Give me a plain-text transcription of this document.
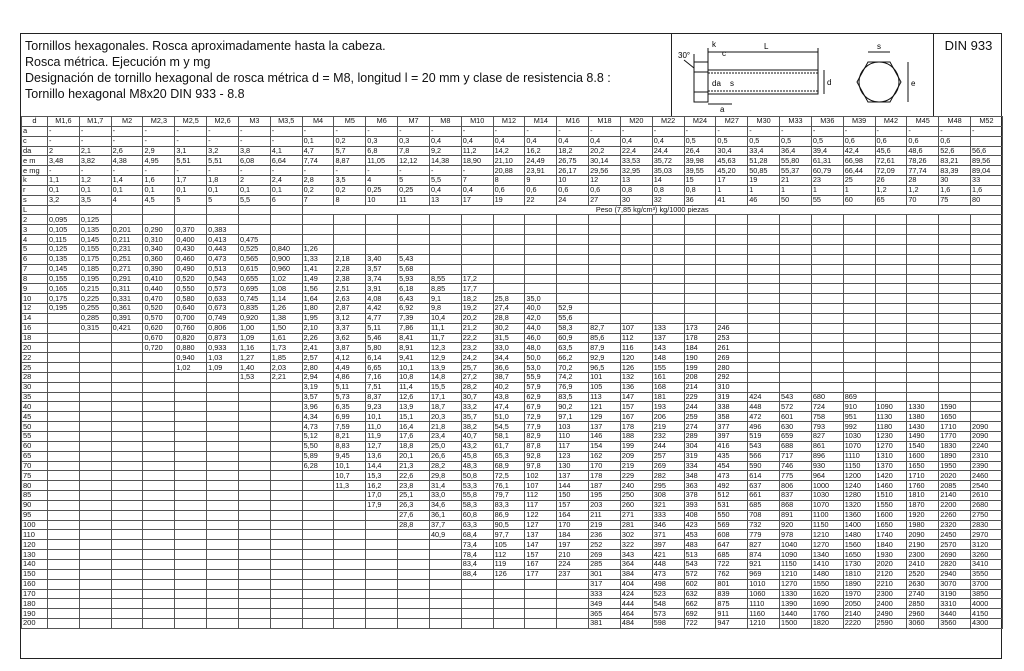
Tornillos hexagonales. Rosca aproximadamente hasta la cabeza.
Rosca métrica. Ejecución m y mg
Designación de tornillo hexagonal de rosca métrica d = M8, longitud l = 20 mm y clase de resistencia 8.8 :
Tornillo hexagonal M8x20 DIN 933 - 8.8
k
c
30°
L
s
da	d
a
s
e
DIN 933
d	M1,6	M1,7	M2	M2,3	M2,5	M2,6	M3	M3,5	M4	M5	M6	M7	M8	M10	M12	M14	M16	M18	M20	M22	M24	M27	M30	M33	M36	M39	M42	M45	M48	M52
a	-	-	-	-	-	-	-	-	-	-	-	-	-	-	-	-	-	-	-	-	-	-	-	-	-	-	-	-	-	-
c	-	-	-	-	-	-	-	-	0,1	0,2	0,3	0,3	0,4	0,4	0,4	0,4	0,4	0,4	0,4	0,4	0,5	0,5	0,5	0,5	0,5	0,6	0,6	0,6	0,6	
da	2	2,1	2,6	2,9	3,1	3,2	3,8	4,1	4,7	5,7	6,8	7,8	9,2	11,2	14,2	16,2	18,2	20,2	22,4	24,4	26,4	30,4	33,4	36,4	39,4	42,4	45,6	48,6	52,6	56,6
e m	3,48	3,82	4,38	4,95	5,51	5,51	6,08	6,64	7,74	8,87	11,05	12,12	14,38	18,90	21,10	24,49	26,75	30,14	33,53	35,72	39,98	45,63	51,28	55,80	61,31	66,98	72,61	78,26	83,21	89,56
e mg	-	-	-	-	-	-	-	-	-	-	-	-	-	-	20,88	23,91	26,17	29,56	32,95	35,03	39,55	45,20	50,85	55,37	60,79	66,44	72,09	77,74	83,39	89,04
k	1,1	1,2	1,4	1,6	1,7	1,8	2	2,4	2,8	3,5	4	5	5,5	7	8	9	10	12	13	14	15	17	19	21	23	25	26	28	30	33
r	0,1	0,1	0,1	0,1	0,1	0,1	0,1	0,1	0,2	0,2	0,25	0,25	0,4	0,4	0,6	0,6	0,6	0,6	0,8	0,8	0,8	1	1	1	1	1	1,2	1,2	1,6	1,6
s	3,2	3,5	4	4,5	5	5	5,5	6	7	8	10	11	13	17	19	22	24	27	30	32	36	41	46	50	55	60	65	70	75	80
L									Peso (7,85 kg/cm³) kg/1000 piezas																					
2	0,095	0,125																												
3	0,105	0,135	0,201	0,290	0,370	0,383																								
4	0,115	0,145	0,211	0,310	0,400	0,413	0,475																							
5	0,125	0,155	0,231	0,340	0,430	0,443	0,525	0,840	1,26																					
6	0,135	0,175	0,251	0,360	0,460	0,473	0,565	0,900	1,33	2,18	3,40	5,43																		
7	0,145	0,185	0,271	0,390	0,490	0,513	0,615	0,960	1,41	2,28	3,57	5,68																		
8	0,155	0,195	0,291	0,410	0,520	0,543	0,655	1,02	1,49	2,38	3,74	5,93	8,55	17,2																
9	0,165	0,215	0,311	0,440	0,550	0,573	0,695	1,08	1,56	2,51	3,91	6,18	8,85	17,7																
10	0,175	0,225	0,331	0,470	0,580	0,633	0,745	1,14	1,64	2,63	4,08	6,43	9,1	18,2	25,8	35,0														
12	0,195	0,255	0,361	0,520	0,640	0,673	0,835	1,26	1,80	2,87	4,42	6,92	9,8	19,2	27,4	40,0	52,9													
14		0,285	0,391	0,570	0,700	0,749	0,920	1,38	1,95	3,12	4,77	7,39	10,4	20,2	28,8	42,0	55,6													
16		0,315	0,421	0,620	0,760	0,806	1,00	1,50	2,10	3,37	5,11	7,86	11,1	21,2	30,2	44,0	58,3	82,7	107	133	173	246								
18				0,670	0,820	0,873	1,09	1,61	2,26	3,62	5,46	8,41	11,7	22,2	31,5	46,0	60,9	85,6	112	137	178	253								
20				0,720	0,880	0,933	1,16	1,73	2,41	3,87	5,80	8,91	12,3	23,2	33,0	48,0	63,5	87,9	116	143	184	261								
22					0,940	1,03	1,27	1,85	2,57	4,12	6,14	9,41	12,9	24,2	34,4	50,0	66,2	92,9	120	148	190	269								
25					1,02	1,09	1,40	2,03	2,80	4,49	6,65	10,1	13,9	25,7	36,6	53,0	70,2	96,5	126	155	199	280								
28							1,53	2,21	2,94	4,86	7,16	10,8	14,8	27,2	38,7	55,9	74,2	101	132	161	208	292								
30									3,19	5,11	7,51	11,4	15,5	28,2	40,2	57,9	76,9	105	136	168	214	310								
35									3,57	5,73	8,37	12,6	17,1	30,7	43,8	62,9	83,5	113	147	181	229	319	424	543	680	869				
40									3,96	6,35	9,23	13,9	18,7	33,2	47,4	67,9	90,2	121	157	193	244	338	448	572	724	910	1090	1330	1590	
45									4,34	6,99	10,1	15,1	20,3	35,7	51,0	72,9	97,1	129	167	206	259	358	472	601	758	951	1130	1380	1650	
50									4,73	7,59	11,0	16,4	21,8	38,2	54,5	77,9	103	137	178	219	274	377	496	630	793	992	1180	1430	1710	2090
55									5,12	8,21	11,9	17,6	23,4	40,7	58,1	82,9	110	146	188	232	289	397	519	659	827	1030	1230	1490	1770	2090
60									5,50	8,83	12,7	18,8	25,0	43,2	61,7	87,8	117	154	199	244	304	416	543	688	861	1070	1270	1540	1830	2240
65									5,89	9,45	13,6	20,1	26,6	45,8	65,3	92,8	123	162	209	257	319	435	566	717	896	1110	1310	1600	1890	2310
70									6,28	10,1	14,4	21,3	28,2	48,3	68,9	97,8	130	170	219	269	334	454	590	746	930	1150	1370	1650	1950	2390
75										10,7	15,3	22,6	29,8	50,8	72,5	102	137	178	229	282	348	473	614	775	964	1200	1420	1710	2020	2460
80										11,3	16,2	23,8	31,4	53,3	76,1	107	144	187	240	295	363	492	637	806	1000	1240	1460	1760	2085	2540
85											17,0	25,1	33,0	55,8	79,7	112	150	195	250	308	378	512	661	837	1030	1280	1510	1810	2140	2610
90											17,9	26,3	34,6	58,3	83,3	117	157	203	260	321	393	531	685	868	1070	1320	1550	1870	2200	2680
95												27,6	36,1	60,8	86,9	122	164	211	271	333	408	550	708	891	1100	1360	1600	1920	2260	2750
100												28,8	37,7	63,3	90,5	127	170	219	281	346	423	569	732	920	1150	1400	1650	1980	2320	2830
110													40,9	68,4	97,7	137	184	236	302	371	453	608	779	978	1210	1480	1740	2090	2450	2970
120														73,4	105	147	197	252	322	397	483	647	827	1040	1270	1560	1840	2190	2570	3120
130														78,4	112	157	210	269	343	421	513	685	874	1090	1340	1650	1930	2300	2690	3260
140														83,4	119	167	224	285	364	448	543	722	921	1150	1410	1730	2020	2410	2820	3410
150														88,4	126	177	237	301	384	473	572	762	969	1210	1480	1810	2120	2520	2940	3550
160																		317	404	498	602	801	1010	1270	1550	1890	2210	2630	3070	3700
170																		333	424	523	632	839	1060	1330	1620	1970	2300	2740	3190	3850
180																		349	444	548	662	875	1110	1390	1690	2050	2400	2850	3310	4000
190																		365	464	573	692	911	1160	1440	1760	2140	2490	2960	3440	4150
200																		381	484	598	722	947	1210	1500	1820	2220	2590	3060	3560	4300
